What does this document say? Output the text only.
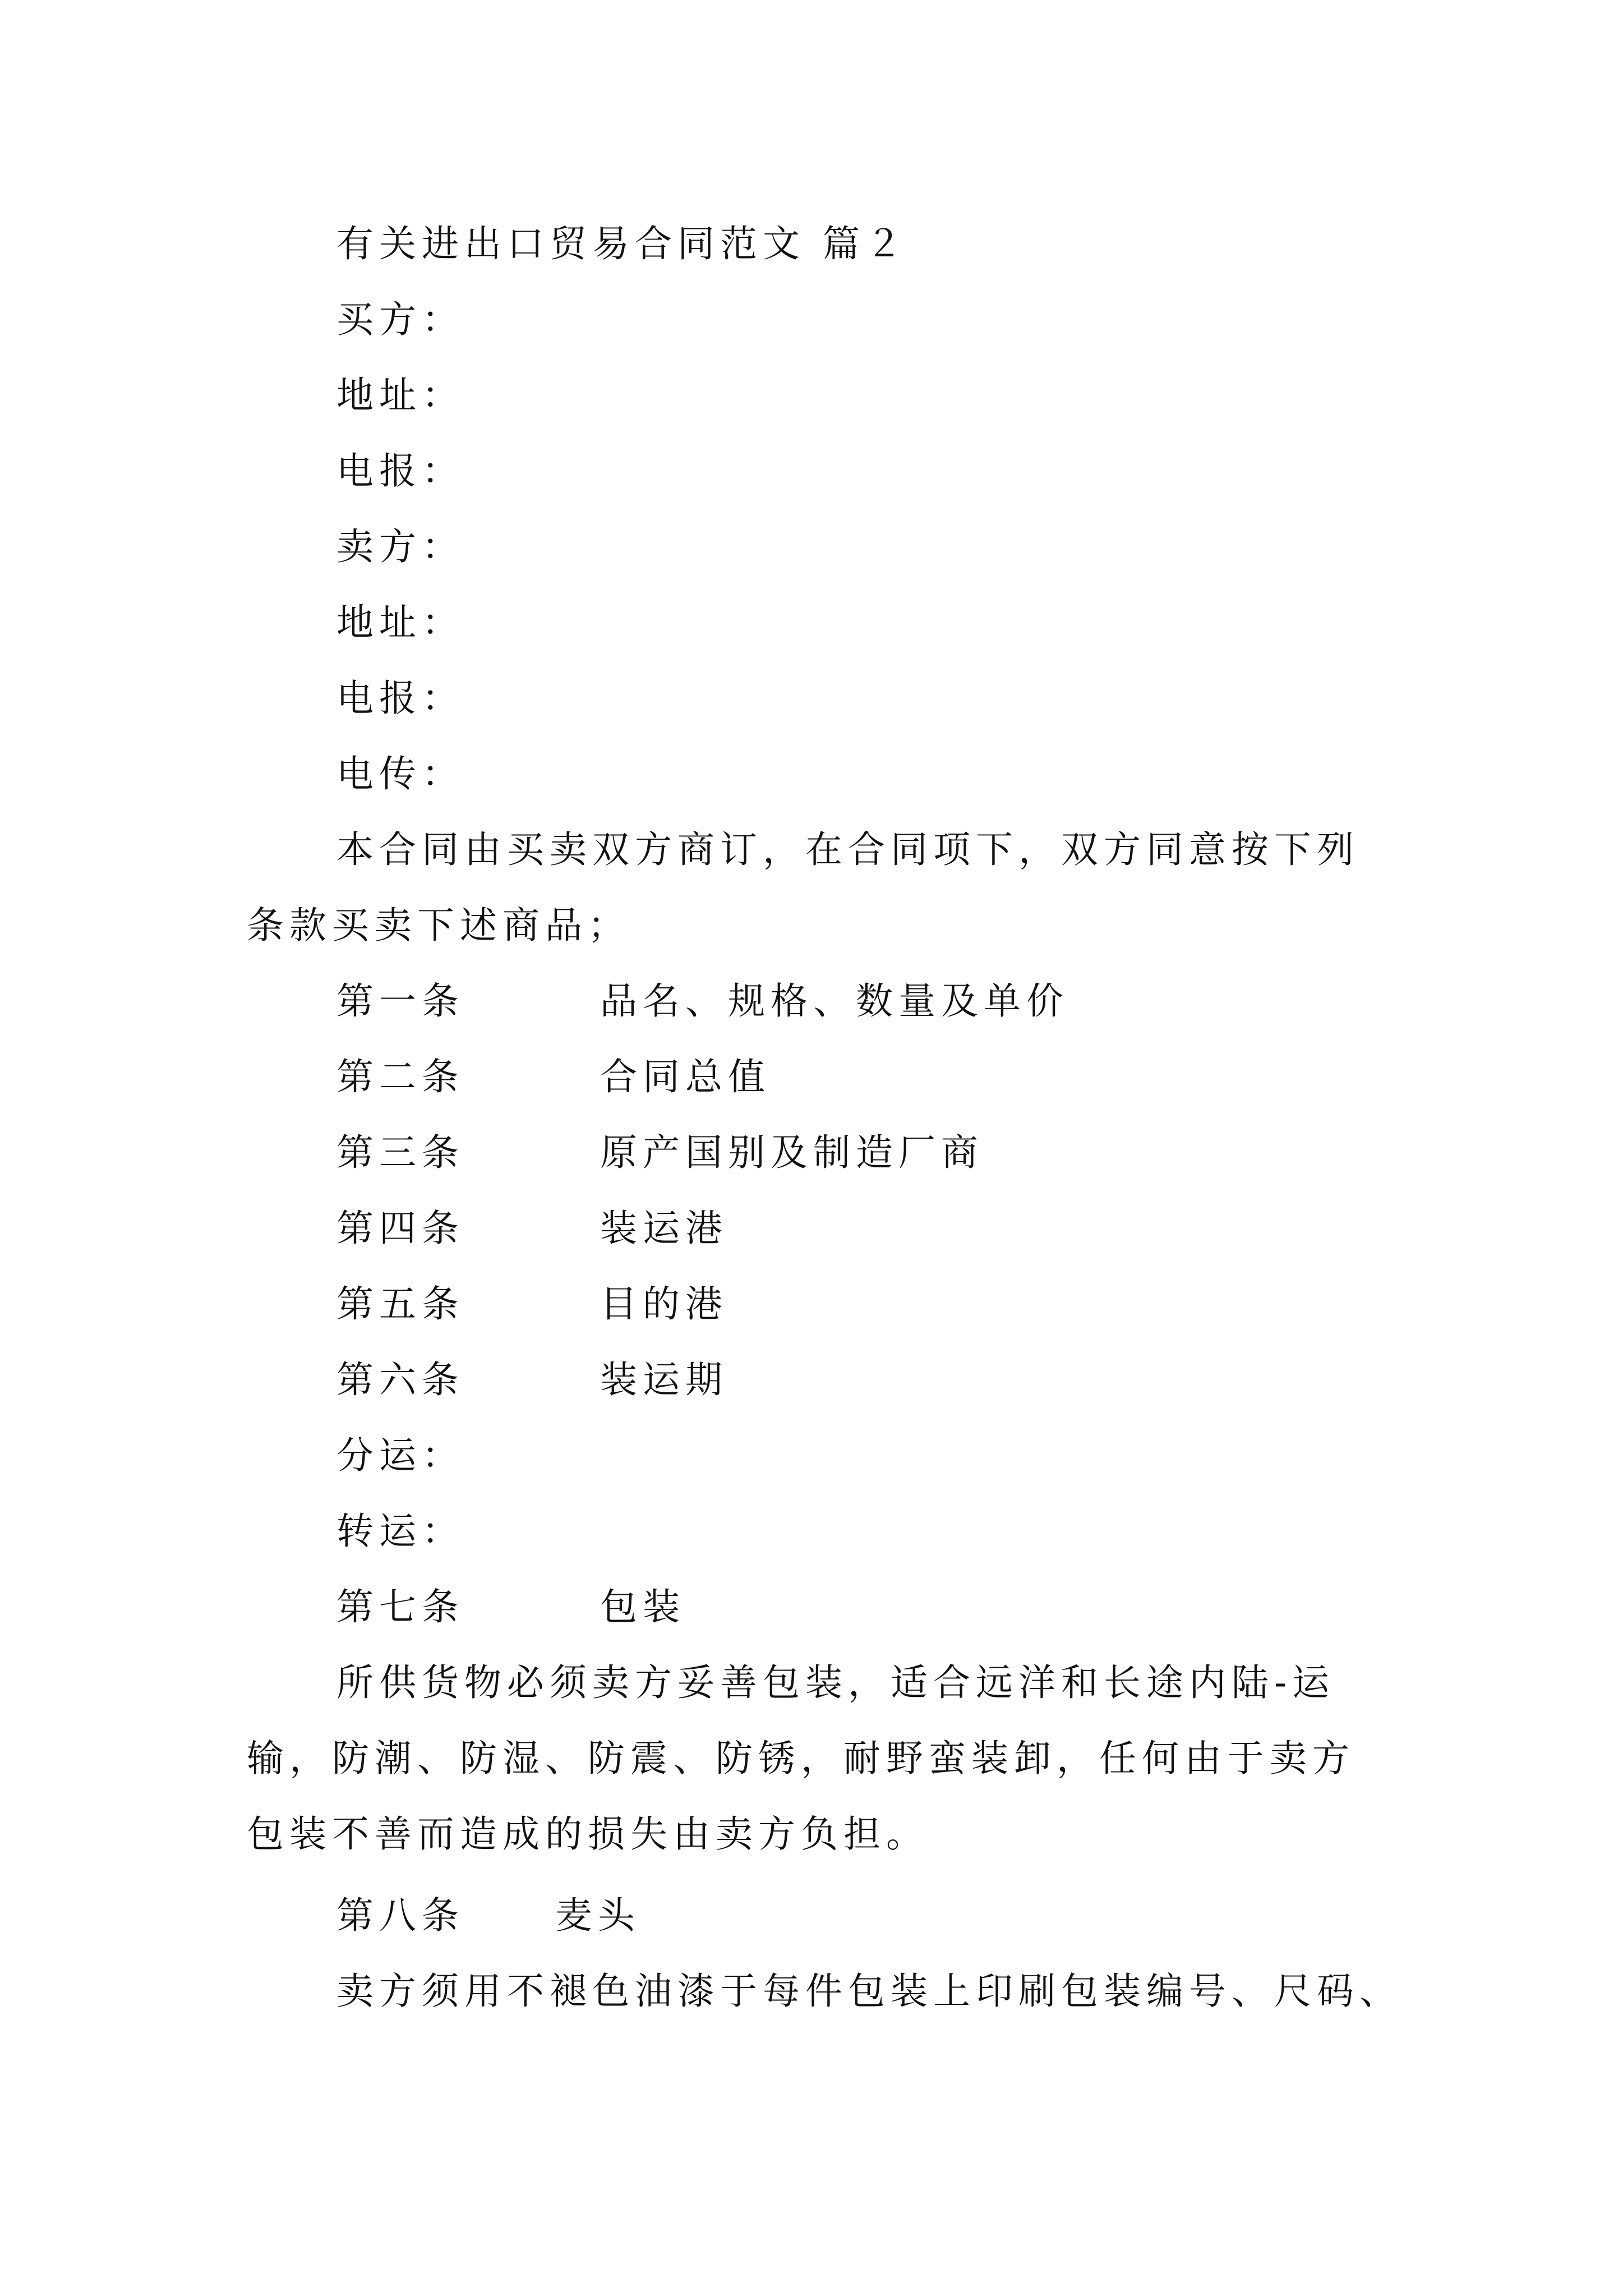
有关进出口贸易合同范文 篇２
买方：
地址：
电报：
卖方：
地址：
电报：
电传：
本合同由买卖双方商订，在合同项下，双方同意按下列
条款买卖下述商品；
第一条	品名、规格、数量及单价
第二条	合同总值
第三条	原产国别及制造厂商
第四条	装运港
第五条	目的港
第六条	装运期
分运：
转运：
第七条	包装
所供货物必须卖方妥善包装，适合远洋和长途内陆-运
输，防潮、防湿、防震、防锈，耐野蛮装卸，任何由于卖方
包装不善而造成的损失由卖方负担。
第八条 麦头
卖方须用不褪色油漆于每件包装上印刷包装编号、尺码、
